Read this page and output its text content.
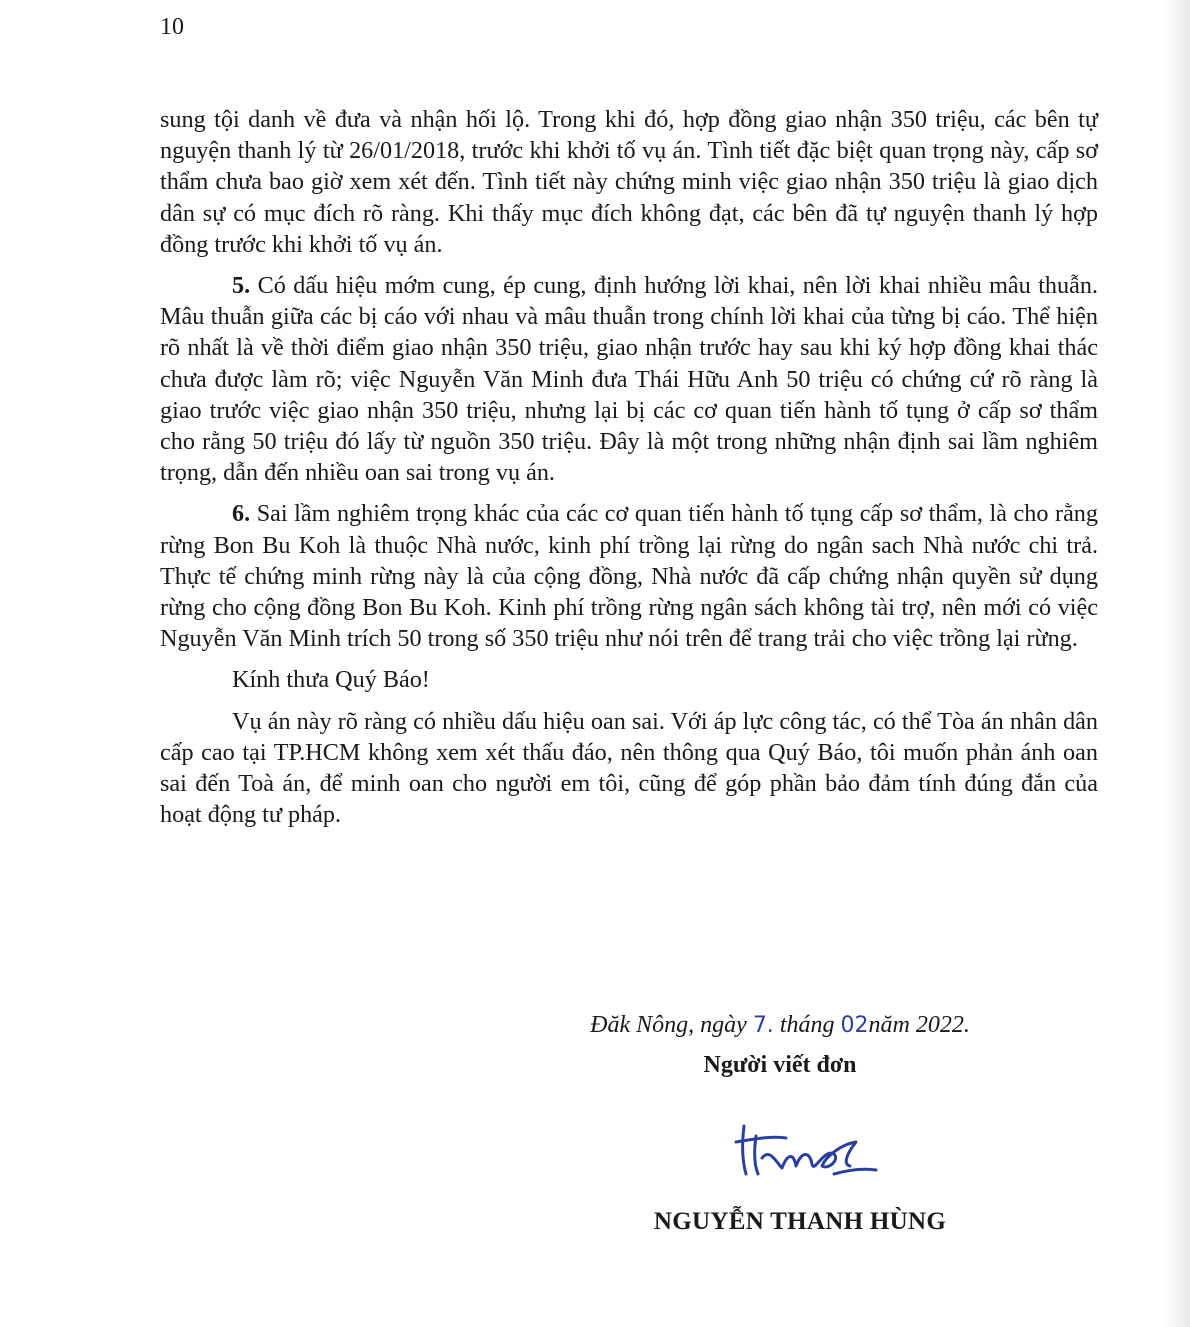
10

sung tội danh về đưa và nhận hối lộ. Trong khi đó, hợp đồng giao nhận 350 triệu, các bên tự nguyện thanh lý từ 26/01/2018, trước khi khởi tố vụ án. Tình tiết đặc biệt quan trọng này, cấp sơ thẩm chưa bao giờ xem xét đến. Tình tiết này chứng minh việc giao nhận 350 triệu là giao dịch dân sự có mục đích rõ ràng. Khi thấy mục đích không đạt, các bên đã tự nguyện thanh lý hợp đồng trước khi khởi tố vụ án.

5. Có dấu hiệu mớm cung, ép cung, định hướng lời khai, nên lời khai nhiều mâu thuẫn. Mâu thuẫn giữa các bị cáo với nhau và mâu thuẫn trong chính lời khai của từng bị cáo. Thể hiện rõ nhất là về thời điểm giao nhận 350 triệu, giao nhận trước hay sau khi ký hợp đồng khai thác chưa được làm rõ; việc Nguyễn Văn Minh đưa Thái Hữu Anh 50 triệu có chứng cứ rõ ràng là giao trước việc giao nhận 350 triệu, nhưng lại bị các cơ quan tiến hành tố tụng ở cấp sơ thẩm cho rằng 50 triệu đó lấy từ nguồn 350 triệu. Đây là một trong những nhận định sai lầm nghiêm trọng, dẫn đến nhiều oan sai trong vụ án.

6. Sai lầm nghiêm trọng khác của các cơ quan tiến hành tố tụng cấp sơ thẩm, là cho rằng rừng Bon Bu Koh là thuộc Nhà nước, kinh phí trồng lại rừng do ngân sach Nhà nước chi trả. Thực tế chứng minh rừng này là của cộng đồng, Nhà nước đã cấp chứng nhận quyền sử dụng rừng cho cộng đồng Bon Bu Koh. Kinh phí trồng rừng ngân sách không tài trợ, nên mới có việc Nguyễn Văn Minh trích 50 trong số 350 triệu như nói trên để trang trải cho việc trồng lại rừng.

Kính thưa Quý Báo!

Vụ án này rõ ràng có nhiều dấu hiệu oan sai. Với áp lực công tác, có thể Tòa án nhân dân cấp cao tại TP.HCM không xem xét thấu đáo, nên thông qua Quý Báo, tôi muốn phản ánh oan sai đến Toà án, để minh oan cho người em tôi, cũng để góp phần bảo đảm tính đúng đắn của hoạt động tư pháp.

Đăk Nông, ngày 7. tháng 02năm 2022.
Người viết đơn
NGUYỄN THANH HÙNG
